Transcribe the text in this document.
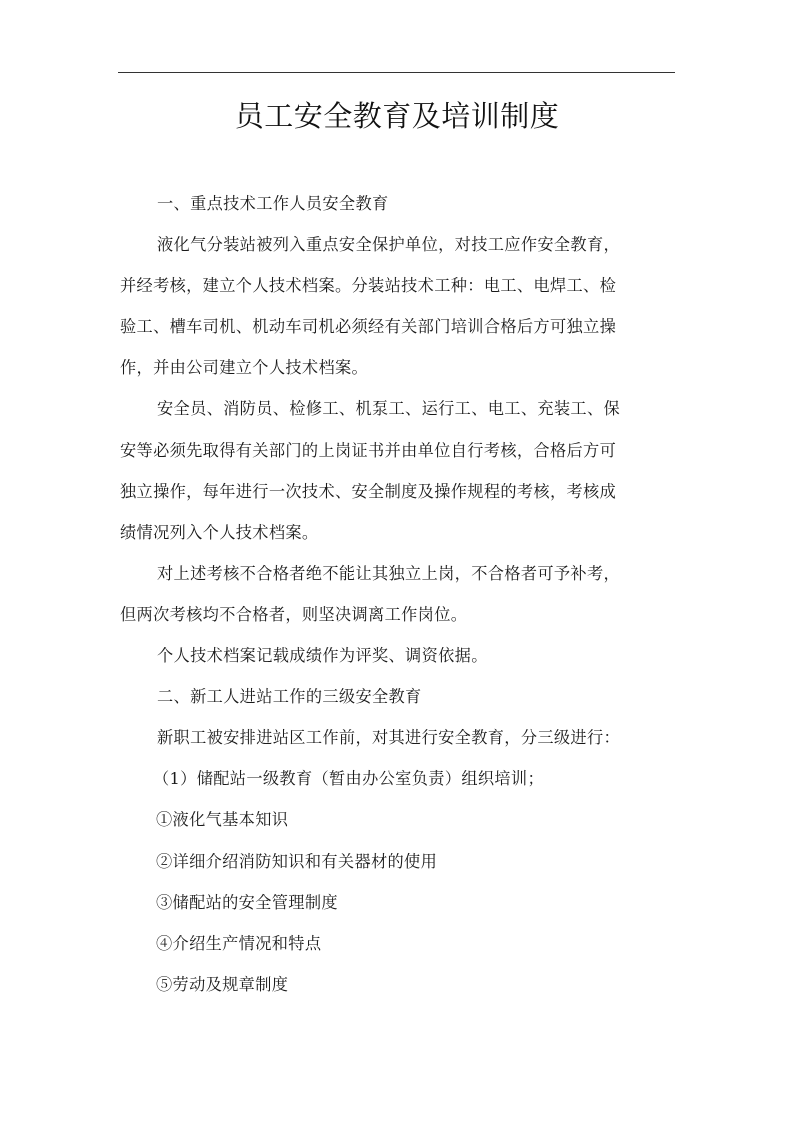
员工安全教育及培训制度
一、重点技术工作人员安全教育
液化气分装站被列入重点安全保护单位，对技工应作安全教育，
并经考核，建立个人技术档案。分装站技术工种：电工、电焊工、检
验工、槽车司机、机动车司机必须经有关部门培训合格后方可独立操
作，并由公司建立个人技术档案。
安全员、消防员、检修工、机泵工、运行工、电工、充装工、保
安等必须先取得有关部门的上岗证书并由单位自行考核，合格后方可
独立操作，每年进行一次技术、安全制度及操作规程的考核，考核成
绩情况列入个人技术档案。
对上述考核不合格者绝不能让其独立上岗，不合格者可予补考，
但两次考核均不合格者，则坚决调离工作岗位。
个人技术档案记载成绩作为评奖、调资依据。
二、新工人进站工作的三级安全教育
新职工被安排进站区工作前，对其进行安全教育，分三级进行：
（1）储配站一级教育（暂由办公室负责）组织培训；
①液化气基本知识
②详细介绍消防知识和有关器材的使用
③储配站的安全管理制度
④介绍生产情况和特点
⑤劳动及规章制度
